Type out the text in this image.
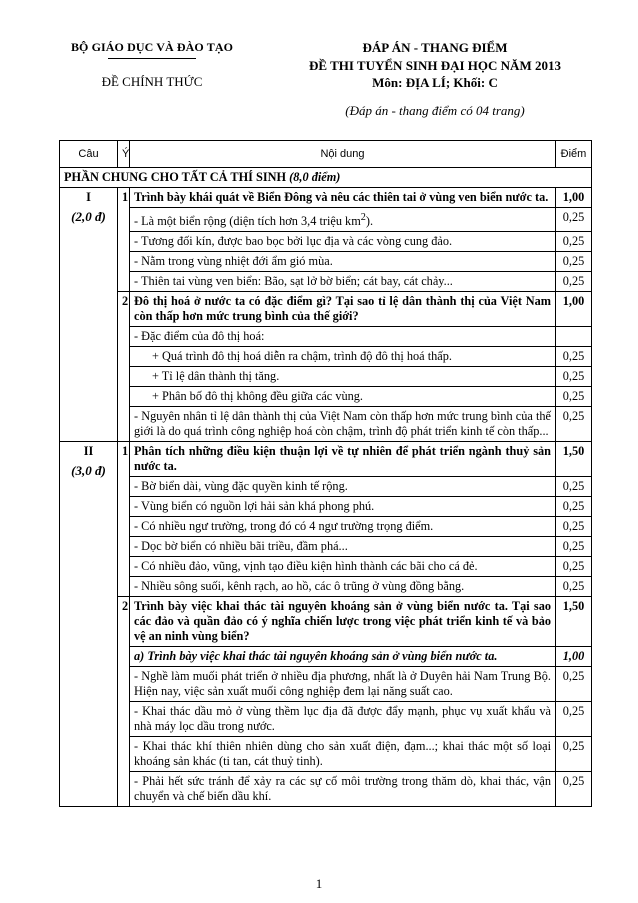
BỘ GIÁO DỤC VÀ ĐÀO TẠO
ĐỀ CHÍNH THỨC
ĐÁP ÁN - THANG ĐIỂM
ĐỀ THI TUYỂN SINH ĐẠI HỌC NĂM 2013
Môn: ĐỊA LÍ; Khối: C
(Đáp án - thang điểm có 04 trang)
Câu	Ý	Nội dung	Điểm
PHẦN CHUNG CHO TẤT CẢ THÍ SINH (8,0 điểm)			
I
(2,0 đ)	1	Trình bày khái quát về Biển Đông và nêu các thiên tai ở vùng ven biển nước ta.	1,00
		- Là một biển rộng (diện tích hơn 3,4 triệu $km^2$).	0,25
		- Tương đối kín, được bao bọc bởi lục địa và các vòng cung đảo.	0,25
		- Nằm trong vùng nhiệt đới ẩm gió mùa.	0,25
		- Thiên tai vùng ven biển: Bão, sạt lở bờ biển; cát bay, cát chảy...	0,25
	2	Đô thị hoá ở nước ta có đặc điểm gì? Tại sao tỉ lệ dân thành thị của Việt Nam còn thấp hơn mức trung bình của thế giới?	1,00
		- Đặc điểm của đô thị hoá:	
		+ Quá trình đô thị hoá diễn ra chậm, trình độ đô thị hoá thấp.	0,25
		+ Tỉ lệ dân thành thị tăng.	0,25
		+ Phân bố đô thị không đều giữa các vùng.	0,25
		- Nguyên nhân tỉ lệ dân thành thị của Việt Nam còn thấp hơn mức trung bình của thế giới là do quá trình công nghiệp hoá còn chậm, trình độ phát triển kinh tế còn thấp...	0,25
II
(3,0 đ)	1	Phân tích những điều kiện thuận lợi về tự nhiên để phát triển ngành thuỷ sản nước ta.	1,50
		- Bờ biển dài, vùng đặc quyền kinh tế rộng.	0,25
		- Vùng biển có nguồn lợi hải sản khá phong phú.	0,25
		- Có nhiều ngư trường, trong đó có 4 ngư trường trọng điểm.	0,25
		- Dọc bờ biển có nhiều bãi triều, đầm phá...	0,25
		- Có nhiều đảo, vũng, vịnh tạo điều kiện hình thành các bãi cho cá đẻ.	0,25
		- Nhiều sông suối, kênh rạch, ao hồ, các ô trũng ở vùng đồng bằng.	0,25
	2	Trình bày việc khai thác tài nguyên khoáng sản ở vùng biển nước ta. Tại sao các đảo và quần đảo có ý nghĩa chiến lược trong việc phát triển kinh tế và bảo vệ an ninh vùng biển?	1,50
		a) Trình bày việc khai thác tài nguyên khoáng sản ở vùng biển nước ta.	1,00
		- Nghề làm muối phát triển ở nhiều địa phương, nhất là ở Duyên hải Nam Trung Bộ. Hiện nay, việc sản xuất muối công nghiệp đem lại năng suất cao.	0,25
		- Khai thác dầu mỏ ở vùng thềm lục địa đã được đẩy mạnh, phục vụ xuất khẩu và nhà máy lọc dầu trong nước.	0,25
		- Khai thác khí thiên nhiên dùng cho sản xuất điện, đạm...; khai thác một số loại khoáng sản khác (ti tan, cát thuỷ tinh).	0,25
		- Phải hết sức tránh để xảy ra các sự cố môi trường trong thăm dò, khai thác, vận chuyển và chế biến dầu khí.	0,25
1
